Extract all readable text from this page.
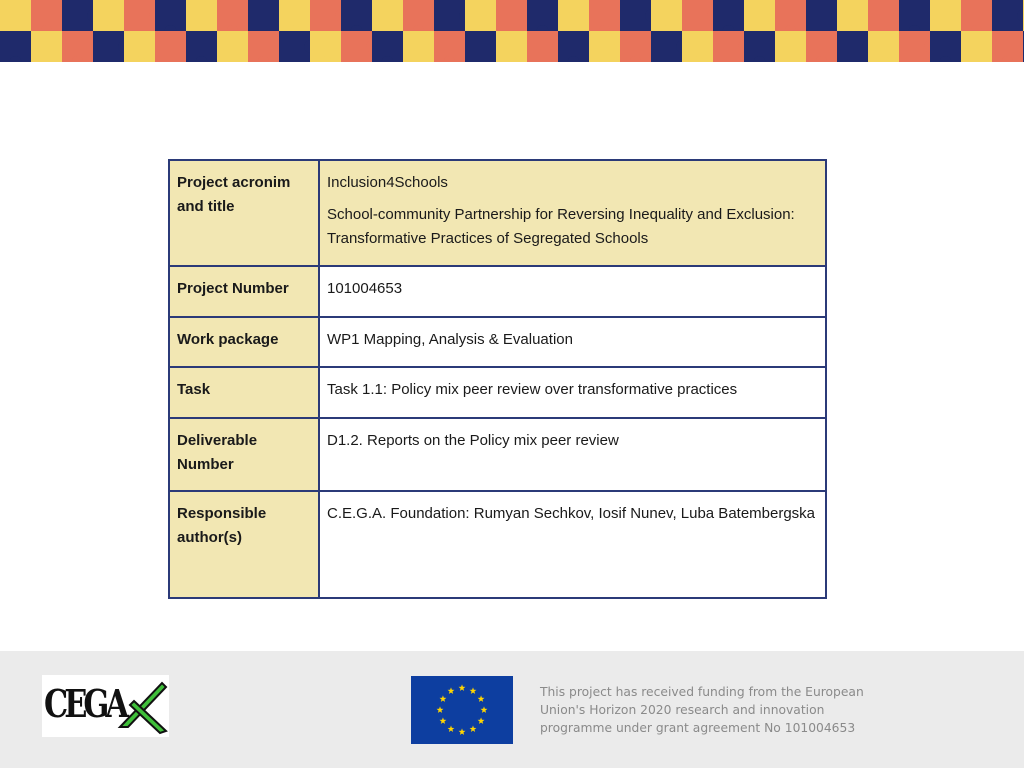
Project acronim and title	Inclusion4Schools
School-community Partnership for Reversing Inequality and Exclusion: Transformative Practices of Segregated Schools

Project Number	101004653
Work package	WP1 Mapping, Analysis & Evaluation
Task	Task 1.1: Policy mix peer review over transformative practices
Deliverable Number	D1.2. Reports on the Policy mix peer review
Responsible author(s)	C.E.G.A. Foundation: Rumyan Sechkov, Iosif Nunev, Luba Batembergska
CEGA	This project has received funding from the European Union's Horizon 2020 research and innovation programme under grant agreement No 101004653
